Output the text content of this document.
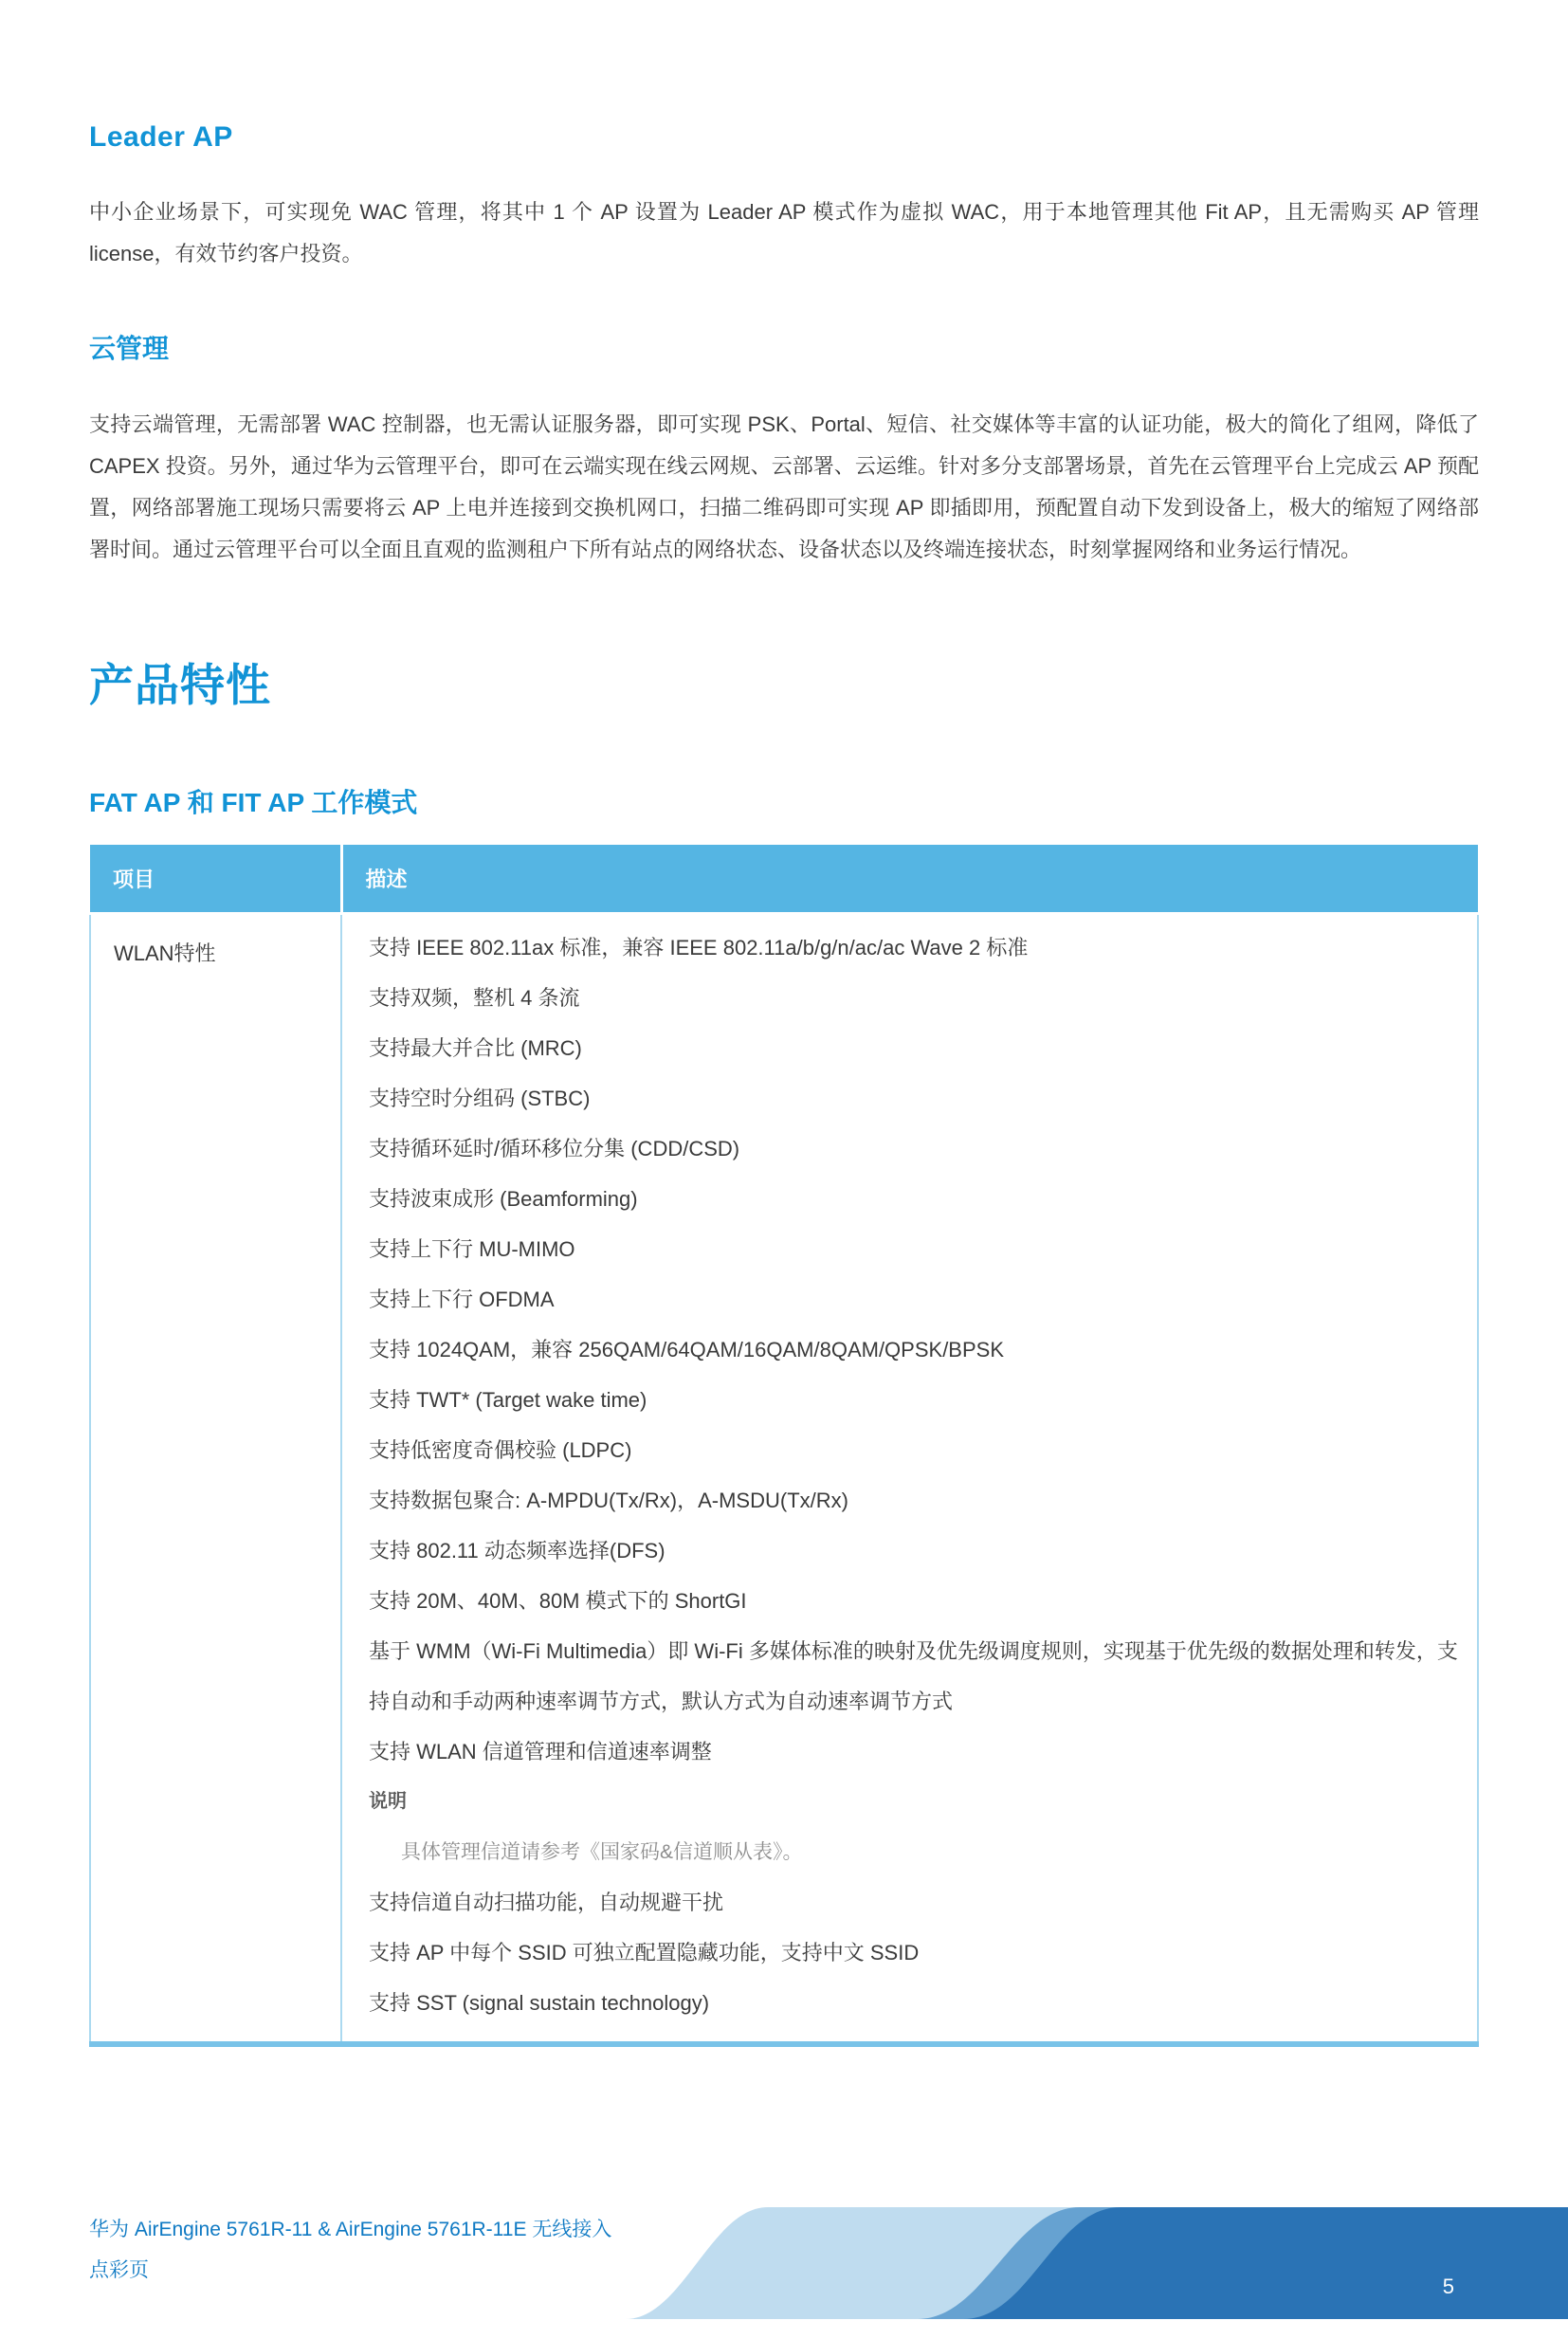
Leader AP

中小企业场景下，可实现免 WAC 管理，将其中 1 个 AP 设置为 Leader AP 模式作为虚拟 WAC，用于本地管理其他 Fit AP，且无需购买 AP 管理 license，有效节约客户投资。

云管理

支持云端管理，无需部署 WAC 控制器，也无需认证服务器，即可实现 PSK、Portal、短信、社交媒体等丰富的认证功能，极大的简化了组网，降低了 CAPEX 投资。另外，通过华为云管理平台，即可在云端实现在线云网规、云部署、云运维。针对多分支部署场景，首先在云管理平台上完成云 AP 预配置，网络部署施工现场只需要将云 AP 上电并连接到交换机网口，扫描二维码即可实现 AP 即插即用，预配置自动下发到设备上，极大的缩短了网络部署时间。通过云管理平台可以全面且直观的监测租户下所有站点的网络状态、设备状态以及终端连接状态，时刻掌握网络和业务运行情况。

产品特性
FAT AP 和 FIT AP 工作模式
项目	描述
WLAN特性	支持 IEEE 802.11ax 标准，兼容 IEEE 802.11a/b/g/n/ac/ac Wave 2 标准
支持双频，整机 4 条流
支持最大并合比 (MRC)
支持空时分组码 (STBC)
支持循环延时/循环移位分集 (CDD/CSD)
支持波束成形 (Beamforming)
支持上下行 MU-MIMO
支持上下行 OFDMA
支持 1024QAM，兼容 256QAM/64QAM/16QAM/8QAM/QPSK/BPSK
支持 TWT* (Target wake time)
支持低密度奇偶校验 (LDPC)
支持数据包聚合: A-MPDU(Tx/Rx)，A-MSDU(Tx/Rx)
支持 802.11 动态频率选择(DFS)
支持 20M、40M、80M 模式下的 ShortGI
基于 WMM（Wi-Fi Multimedia）即 Wi-Fi 多媒体标准的映射及优先级调度规则，实现基于优先级的数据处理和转发，支持自动和手动两种速率调节方式，默认方式为自动速率调节方式
支持 WLAN 信道管理和信道速率调整
说明
具体管理信道请参考《国家码&信道顺从表》。
支持信道自动扫描功能，自动规避干扰
支持 AP 中每个 SSID 可独立配置隐藏功能，支持中文 SSID
支持 SST (signal sustain technology)
华为 AirEngine 5761R-11 & AirEngine 5761R-11E 无线接入
点彩页
5
